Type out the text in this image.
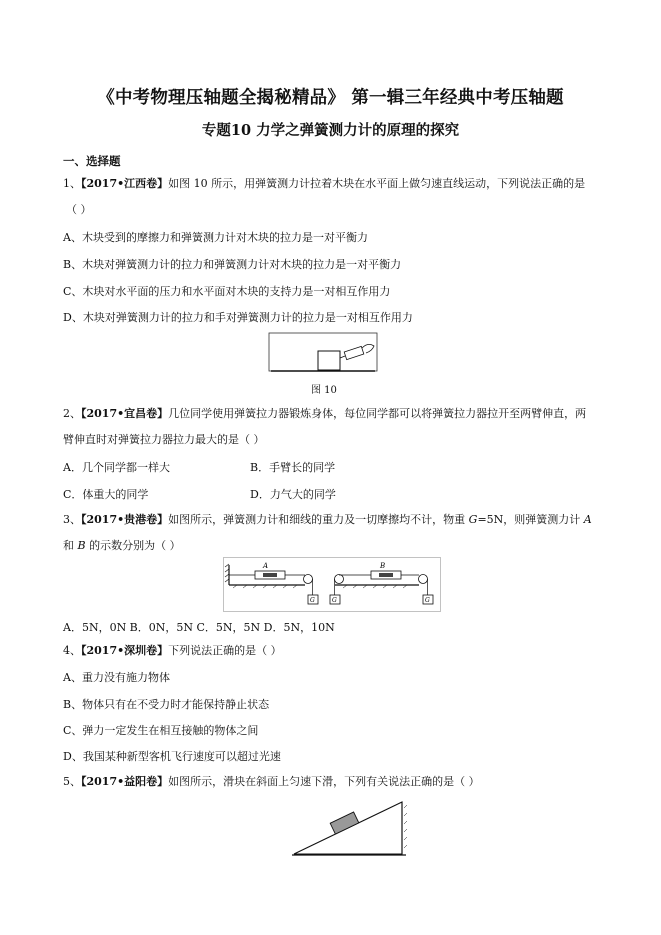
《中考物理压轴题全揭秘精品》 第一辑三年经典中考压轴题
专题10 力学之弹簧测力计的原理的探究
一、选择题
1、【2017•江西卷】如图 10 所示，用弹簧测力计拉着木块在水平面上做匀速直线运动，下列说法正确的是
（ ）
A、木块受到的摩擦力和弹簧测力计对木块的拉力是一对平衡力
B、木块对弹簧测力计的拉力和弹簧测力计对木块的拉力是一对平衡力
C、木块对水平面的压力和水平面对木块的支持力是一对相互作用力
D、木块对弹簧测力计的拉力和手对弹簧测力计的拉力是一对相互作用力
图 10
2、【2017•宜昌卷】几位同学使用弹簧拉力器锻炼身体，每位同学都可以将弹簧拉力器拉开至两臂伸直，两
臂伸直时对弹簧拉力器拉力最大的是（ ）
A．几个同学都一样大	B．手臂长的同学
C．体重大的同学	D．力气大的同学
3、【2017•贵港卷】如图所示，弹簧测力计和细线的重力及一切摩擦均不计，物重 G=5N，则弹簧测力计 A
和 B 的示数分别为（ ）
A
G
B
G	G
A．5N，0N B．0N，5N C．5N，5N D．5N，10N
4、【2017•深圳卷】下列说法正确的是（ ）
A、重力没有施力物体
B、物体只有在不受力时才能保持静止状态
C、弹力一定发生在相互接触的物体之间
D、我国某种新型客机飞行速度可以超过光速
5、【2017•益阳卷】如图所示，滑块在斜面上匀速下滑，下列有关说法正确的是（ ）
